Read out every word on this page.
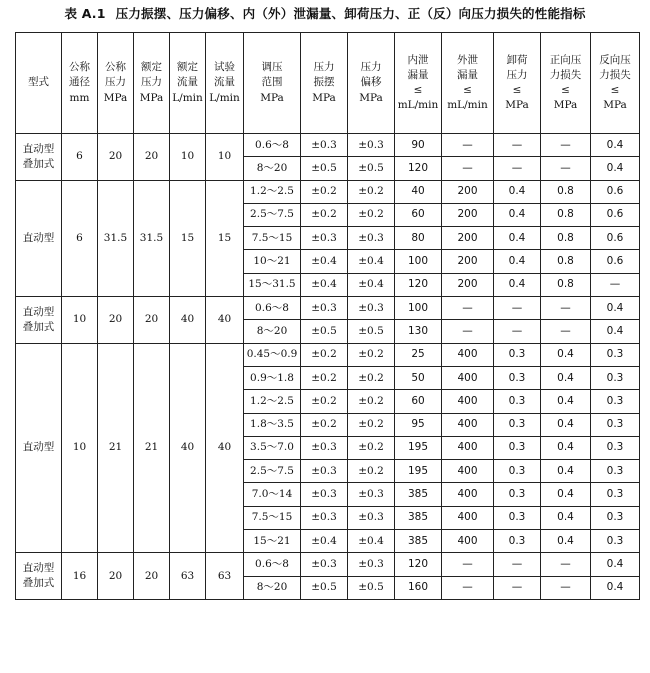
表 A.1 压力振摆、压力偏移、内（外）泄漏量、卸荷压力、正（反）向压力损失的性能指标
型式	公称
通径
mm	公称
压力
MPa	额定
压力
MPa	额定
流量
L/min	试验
流量
L/min	调压
范围
MPa	压力
振摆
MPa	压力
偏移
MPa	内泄
漏量
≤
mL/min	外泄
漏量
≤
mL/min	卸荷
压力
≤
MPa	正向压
力损失
≤
MPa	反向压
力损失
≤
MPa

直动型
叠加式	6	20	20	10	10	0.6～8	±0.3	±0.3	90	—	—	—	0.4
						8～20	±0.5	±0.5	120	—	—	—	0.4

直动型	6	31.5	31.5	15	15	1.2～2.5	±0.2	±0.2	40	200	0.4	0.8	0.6
						2.5～7.5	±0.2	±0.2	60	200	0.4	0.8	0.6
						7.5～15	±0.3	±0.3	80	200	0.4	0.8	0.6
						10～21	±0.4	±0.4	100	200	0.4	0.8	0.6
						15～31.5	±0.4	±0.4	120	200	0.4	0.8	—

直动型
叠加式	10	20	20	40	40	0.6～8	±0.3	±0.3	100	—	—	—	0.4
						8～20	±0.5	±0.5	130	—	—	—	0.4

直动型	10	21	21	40	40	0.45～0.9	±0.2	±0.2	25	400	0.3	0.4	0.3
						0.9～1.8	±0.2	±0.2	50	400	0.3	0.4	0.3
						1.2～2.5	±0.2	±0.2	60	400	0.3	0.4	0.3
						1.8～3.5	±0.2	±0.2	95	400	0.3	0.4	0.3
						3.5～7.0	±0.3	±0.2	195	400	0.3	0.4	0.3
						2.5～7.5	±0.3	±0.2	195	400	0.3	0.4	0.3
						7.0～14	±0.3	±0.3	385	400	0.3	0.4	0.3
						7.5～15	±0.3	±0.3	385	400	0.3	0.4	0.3
						15～21	±0.4	±0.4	385	400	0.3	0.4	0.3

直动型
叠加式	16	20	20	63	63	0.6～8	±0.3	±0.3	120	—	—	—	0.4
						8～20	±0.5	±0.5	160	—	—	—	0.4
